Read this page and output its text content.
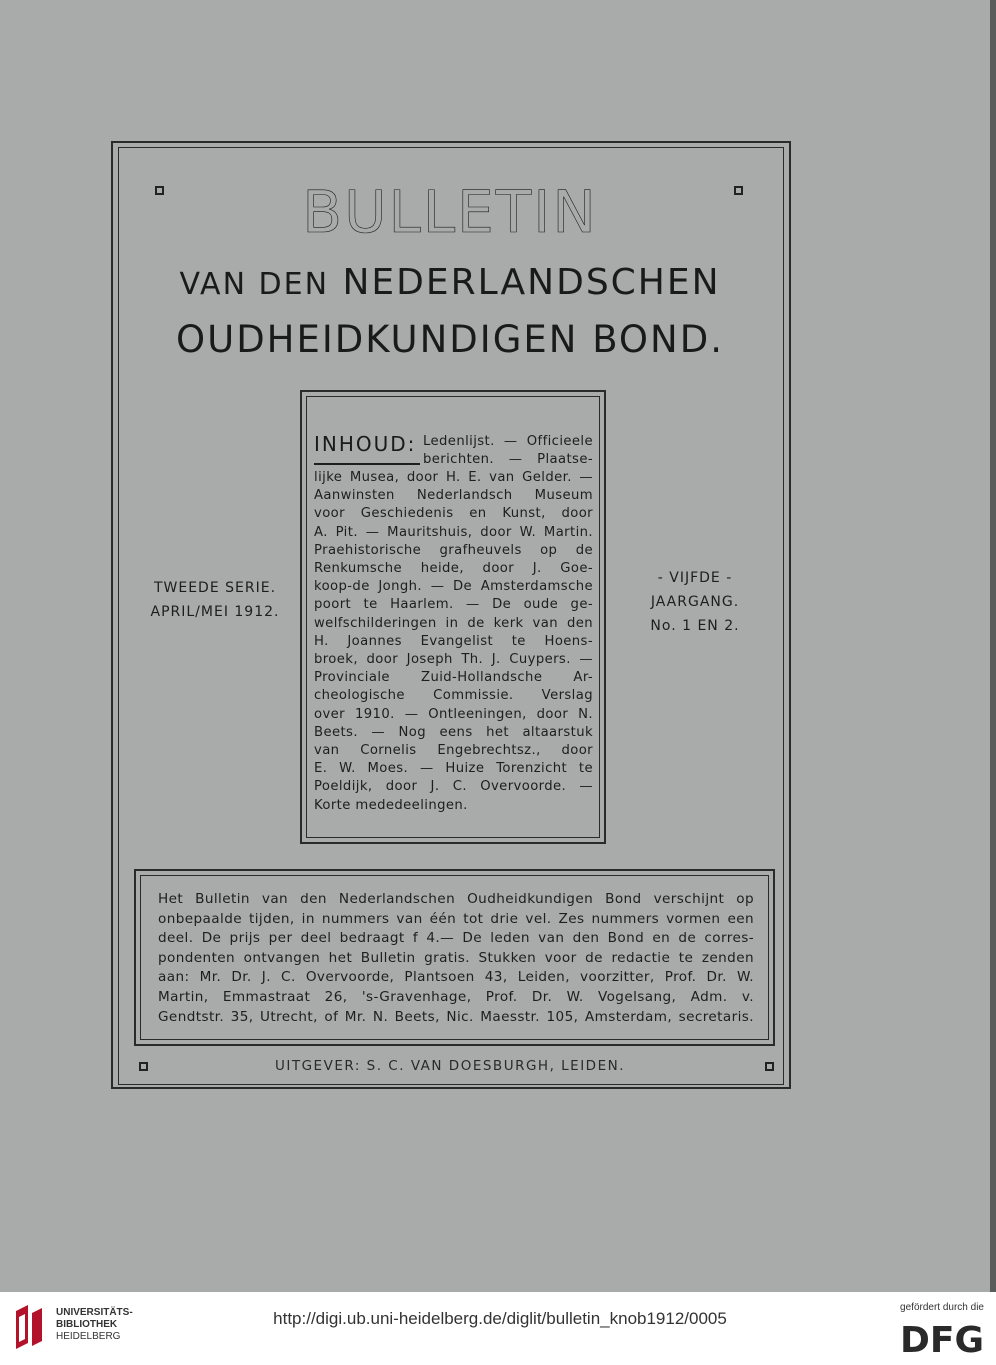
BULLETIN
VAN DEN NEDERLANDSCHEN
OUDHEIDKUNDIGEN BOND.
TWEEDE SERIE.
APRIL/MEI 1912.
- VIJFDE -
JAARGANG.
No. 1 EN 2.
INHOUD: Ledenlijst. — Officieele
berichten. — Plaatse-
lijke Musea, door H. E. van Gelder. —
Aanwinsten Nederlandsch Museum
voor Geschiedenis en Kunst, door
A. Pit. — Mauritshuis, door W. Martin.
Praehistorische grafheuvels op de
Renkumsche heide, door J. Goe-
koop-de Jongh. — De Amsterdamsche
poort te Haarlem. — De oude ge-
welfschilderingen in de kerk van den
H. Joannes Evangelist te Hoens-
broek, door Joseph Th. J. Cuypers. —
Provinciale Zuid-Hollandsche Ar-
cheologische Commissie. Verslag
over 1910. — Ontleeningen, door N.
Beets. — Nog eens het altaarstuk
van Cornelis Engebrechtsz., door
E. W. Moes. — Huize Torenzicht te
Poeldijk, door J. C. Overvoorde. —
Korte mededeelingen.
Het Bulletin van den Nederlandschen Oudheidkundigen Bond verschijnt op
onbepaalde tijden, in nummers van één tot drie vel. Zes nummers vormen een
deel. De prijs per deel bedraagt f 4.— De leden van den Bond en de corres-
pondenten ontvangen het Bulletin gratis. Stukken voor de redactie te zenden
aan: Mr. Dr. J. C. Overvoorde, Plantsoen 43, Leiden, voorzitter, Prof. Dr. W.
Martin, Emmastraat 26, 's-Gravenhage, Prof. Dr. W. Vogelsang, Adm. v.
Gendtstr. 35, Utrecht, of Mr. N. Beets, Nic. Maesstr. 105, Amsterdam, secretaris.
UITGEVER: S. C. VAN DOESBURGH, LEIDEN.
UNIVERSITÄTS-
BIBLIOTHEK
HEIDELBERG
http://digi.ub.uni-heidelberg.de/diglit/bulletin_knob1912/0005
gefördert durch die
DFG
